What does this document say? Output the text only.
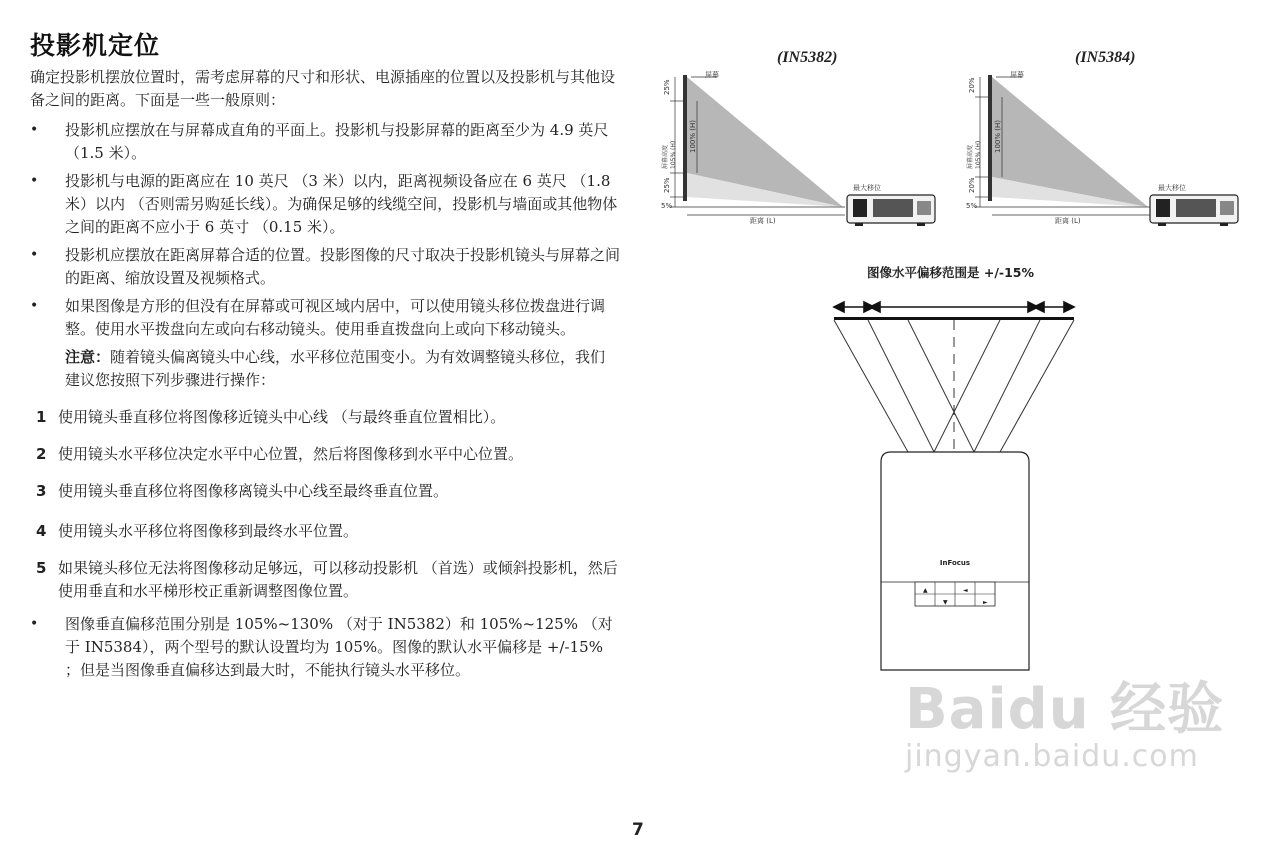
投影机定位

确定投影机摆放位置时，需考虑屏幕的尺寸和形状、电源插座的位置以及投影机与其他设备之间的距离。下面是一些一般原则：

• 投影机应摆放在与屏幕成直角的平面上。投影机与投影屏幕的距离至少为 4.9 英尺 （1.5 米）。
• 投影机与电源的距离应在 10 英尺 （3 米）以内，距离视频设备应在 6 英尺 （1.8 米）以内 （否则需另购延长线）。为确保足够的线缆空间，投影机与墙面或其他物体之间的距离不应小于 6 英寸 （0.15 米）。
• 投影机应摆放在距离屏幕合适的位置。投影图像的尺寸取决于投影机镜头与屏幕之间的距离、缩放设置及视频格式。
• 如果图像是方形的但没有在屏幕或可视区域内居中，可以使用镜头移位拨盘进行调整。使用水平拨盘向左或向右移动镜头。使用垂直拨盘向上或向下移动镜头。

注意：随着镜头偏离镜头中心线，水平移位范围变小。为有效调整镜头移位，我们建议您按照下列步骤进行操作：

1 使用镜头垂直移位将图像移近镜头中心线 （与最终垂直位置相比）。
2 使用镜头水平移位决定水平中心位置，然后将图像移到水平中心位置。
3 使用镜头垂直移位将图像移离镜头中心线至最终垂直位置。
4 使用镜头水平移位将图像移到最终水平位置。
5 如果镜头移位无法将图像移动足够远，可以移动投影机 （首选）或倾斜投影机，然后使用垂直和水平梯形校正重新调整图像位置。
• 图像垂直偏移范围分别是 105%~130% （对于 IN5382）和 105%~125% （对于 IN5384），两个型号的默认设置均为 105%。图像的默认水平偏移是 +/-15% ；但是当图像垂直偏移达到最大时，不能执行镜头水平移位。
(IN5382)
屏幕
25%
100% (H)
25%
5%
屏幕高度 105% (H)
最大移位
距离 (L)
(IN5384)
屏幕
20%
100% (H)
20%
5%
屏幕高度 105% (H)
最大移位
距离 (L)
图像水平偏移范围是 +/-15%
▲
▼
◄
►
InFocus
Baidu 经验
jingyan.baidu.com
7
